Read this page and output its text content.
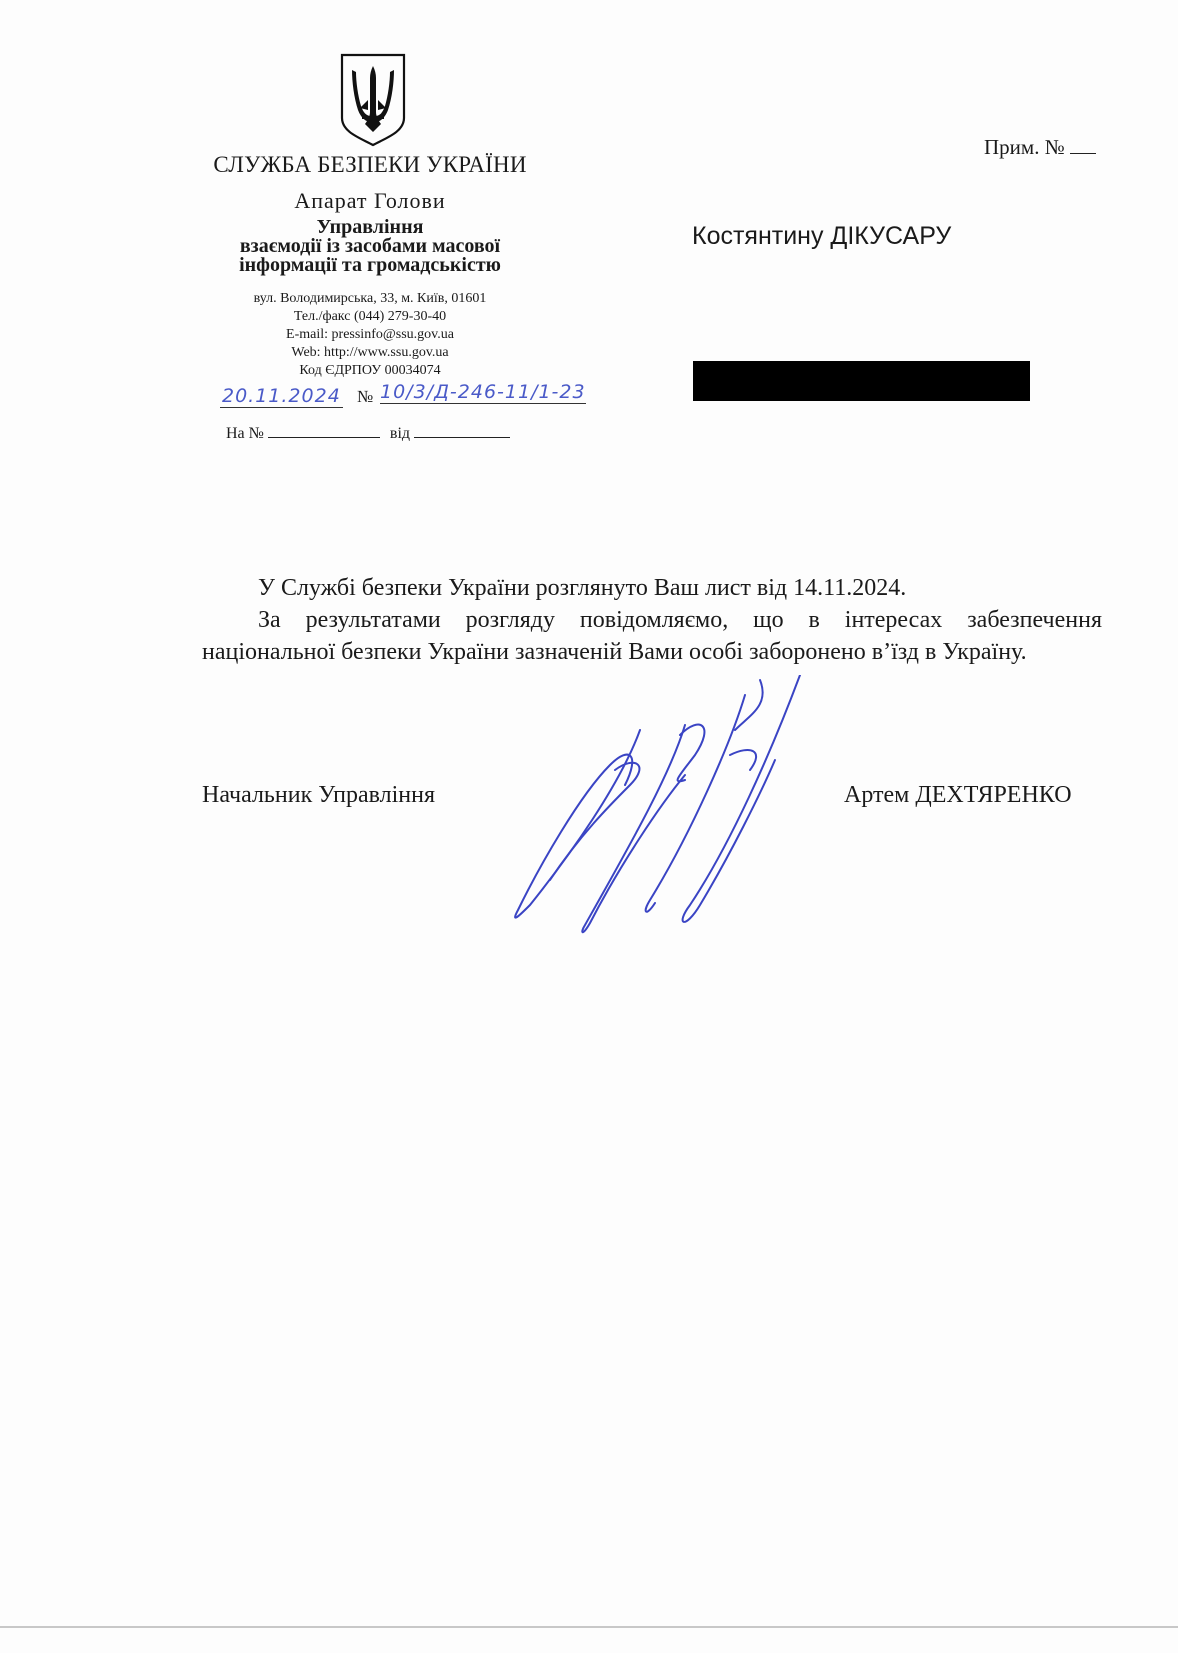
СЛУЖБА БЕЗПЕКИ УКРАЇНИ
Апарат Голови
Управління
взаємодії із засобами масової
інформації та громадськістю
вул. Володимирська, 33, м. Київ, 01601
Тел./факс (044) 279-30-40
E-mail: pressinfo@ssu.gov.ua
Web: http://www.ssu.gov.ua
Код ЄДРПОУ 00034074
20.11.2024 № 10/3/Д-246-11/1-23
На №	від
Прим. №
Костянтину ДІКУСАРУ

У Службі безпеки України розглянуто Ваш лист від 14.11.2024.

За результатами розгляду повідомляємо, що в інтересах забезпечення національної безпеки України зазначеній Вами особі заборонено в’їзд в Україну.

Начальник Управління	Артем ДЕХТЯРЕНКО
